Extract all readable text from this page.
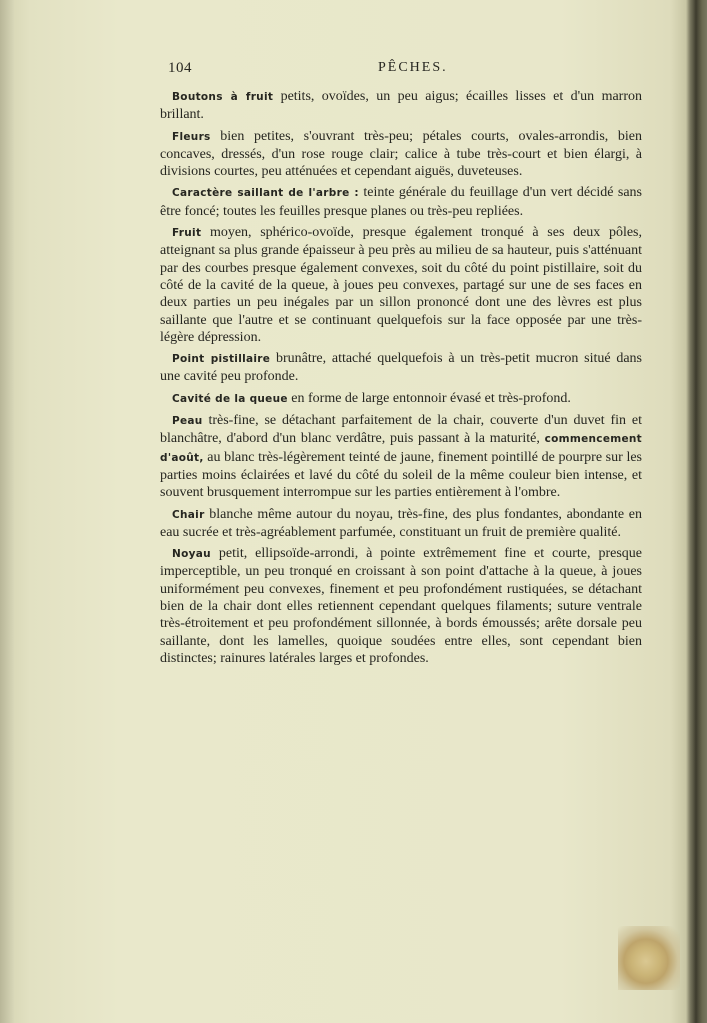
104	PÊCHES.

Boutons à fruit petits, ovoïdes, un peu aigus; écailles lisses et d'un marron brillant.

Fleurs bien petites, s'ouvrant très-peu; pétales courts, ovales-arrondis, bien concaves, dressés, d'un rose rouge clair; calice à tube très-court et bien élargi, à divisions courtes, peu atténuées et cependant aiguës, duveteuses.

Caractère saillant de l'arbre : teinte générale du feuillage d'un vert décidé sans être foncé; toutes les feuilles presque planes ou très-peu repliées.

Fruit moyen, sphérico-ovoïde, presque également tronqué à ses deux pôles, atteignant sa plus grande épaisseur à peu près au milieu de sa hauteur, puis s'atténuant par des courbes presque également convexes, soit du côté du point pistillaire, soit du côté de la cavité de la queue, à joues peu convexes, partagé sur une de ses faces en deux parties un peu inégales par un sillon prononcé dont une des lèvres est plus saillante que l'autre et se continuant quelquefois sur la face opposée par une très-légère dépression.

Point pistillaire brunâtre, attaché quelquefois à un très-petit mucron situé dans une cavité peu profonde.

Cavité de la queue en forme de large entonnoir évasé et très-profond.

Peau très-fine, se détachant parfaitement de la chair, couverte d'un duvet fin et blanchâtre, d'abord d'un blanc verdâtre, puis passant à la maturité, commencement d'août, au blanc très-légèrement teinté de jaune, finement pointillé de pourpre sur les parties moins éclairées et lavé du côté du soleil de la même couleur bien intense, et souvent brusquement interrompue sur les parties entièrement à l'ombre.

Chair blanche même autour du noyau, très-fine, des plus fondantes, abondante en eau sucrée et très-agréablement parfumée, constituant un fruit de première qualité.

Noyau petit, ellipsoïde-arrondi, à pointe extrêmement fine et courte, presque imperceptible, un peu tronqué en croissant à son point d'attache à la queue, à joues uniformément peu convexes, finement et peu profondément rustiquées, se détachant bien de la chair dont elles retiennent cependant quelques filaments; suture ventrale très-étroitement et peu profondément sillonnée, à bords émoussés; arête dorsale peu saillante, dont les lamelles, quoique soudées entre elles, sont cependant bien distinctes; rainures latérales larges et profondes.
